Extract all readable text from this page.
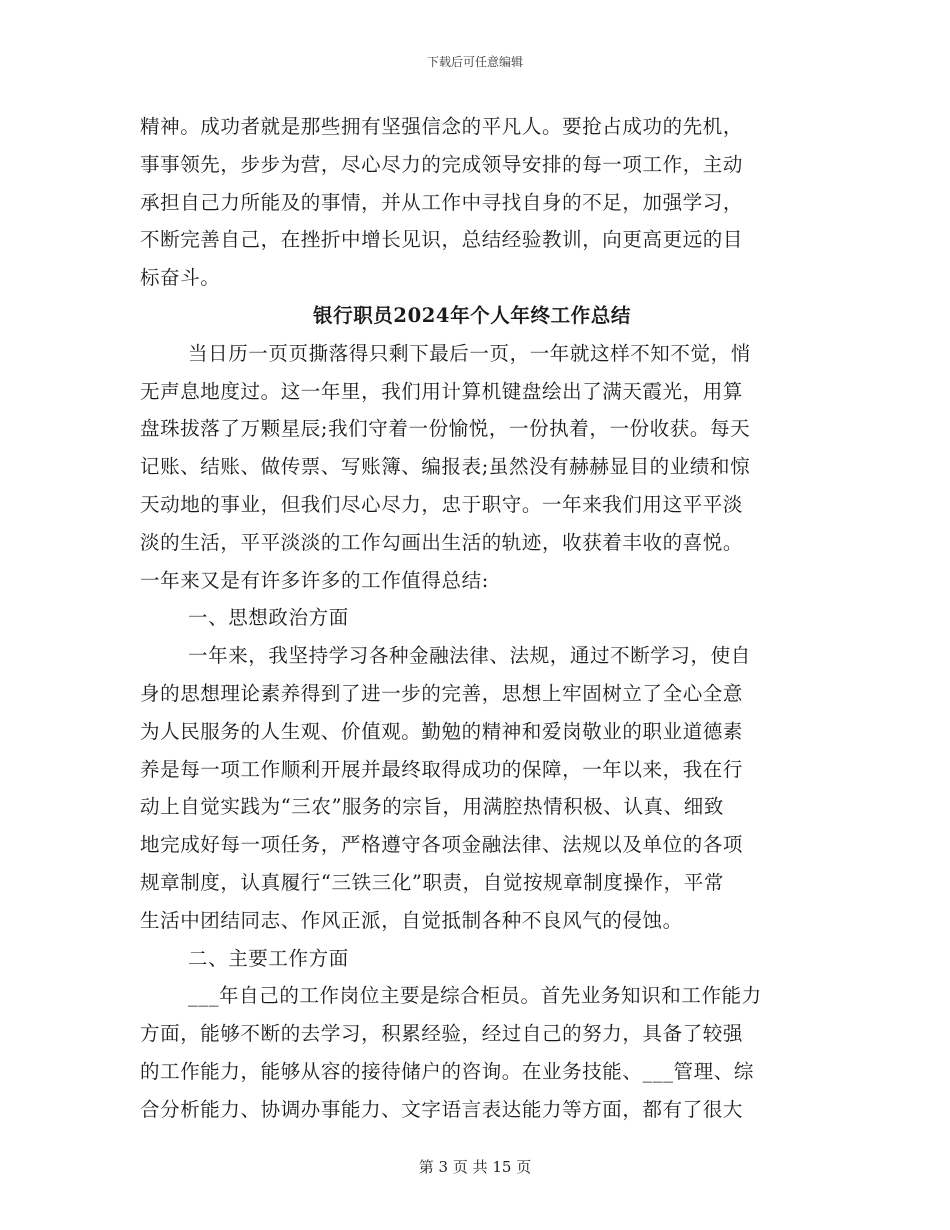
下载后可任意编辑
精神。成功者就是那些拥有坚强信念的平凡人。要抢占成功的先机，
事事领先，步步为营，尽心尽力的完成领导安排的每一项工作，主动
承担自己力所能及的事情，并从工作中寻找自身的不足，加强学习，
不断完善自己，在挫折中增长见识，总结经验教训，向更高更远的目
标奋斗。
银行职员2024年个人年终工作总结
当日历一页页撕落得只剩下最后一页，一年就这样不知不觉，悄
无声息地度过。这一年里，我们用计算机键盘绘出了满天霞光，用算
盘珠拔落了万颗星辰;我们守着一份愉悦，一份执着，一份收获。每天
记账、结账、做传票、写账簿、编报表;虽然没有赫赫显目的业绩和惊
天动地的事业，但我们尽心尽力，忠于职守。一年来我们用这平平淡
淡的生活，平平淡淡的工作勾画出生活的轨迹，收获着丰收的喜悦。
一年来又是有许多许多的工作值得总结:
一、思想政治方面
一年来，我坚持学习各种金融法律、法规，通过不断学习，使自
身的思想理论素养得到了进一步的完善，思想上牢固树立了全心全意
为人民服务的人生观、价值观。勤勉的精神和爱岗敬业的职业道德素
养是每一项工作顺利开展并最终取得成功的保障，一年以来，我在行
动上自觉实践为“三农”服务的宗旨，用满腔热情积极、认真、细致
地完成好每一项任务，严格遵守各项金融法律、法规以及单位的各项
规章制度，认真履行“三铁三化”职责，自觉按规章制度操作，平常
生活中团结同志、作风正派，自觉抵制各种不良风气的侵蚀。
二、主要工作方面
___年自己的工作岗位主要是综合柜员。首先业务知识和工作能力
方面，能够不断的去学习，积累经验，经过自己的努力，具备了较强
的工作能力，能够从容的接待储户的咨询。在业务技能、___管理、综
合分析能力、协调办事能力、文字语言表达能力等方面，都有了很大
第 3 页 共 15 页
